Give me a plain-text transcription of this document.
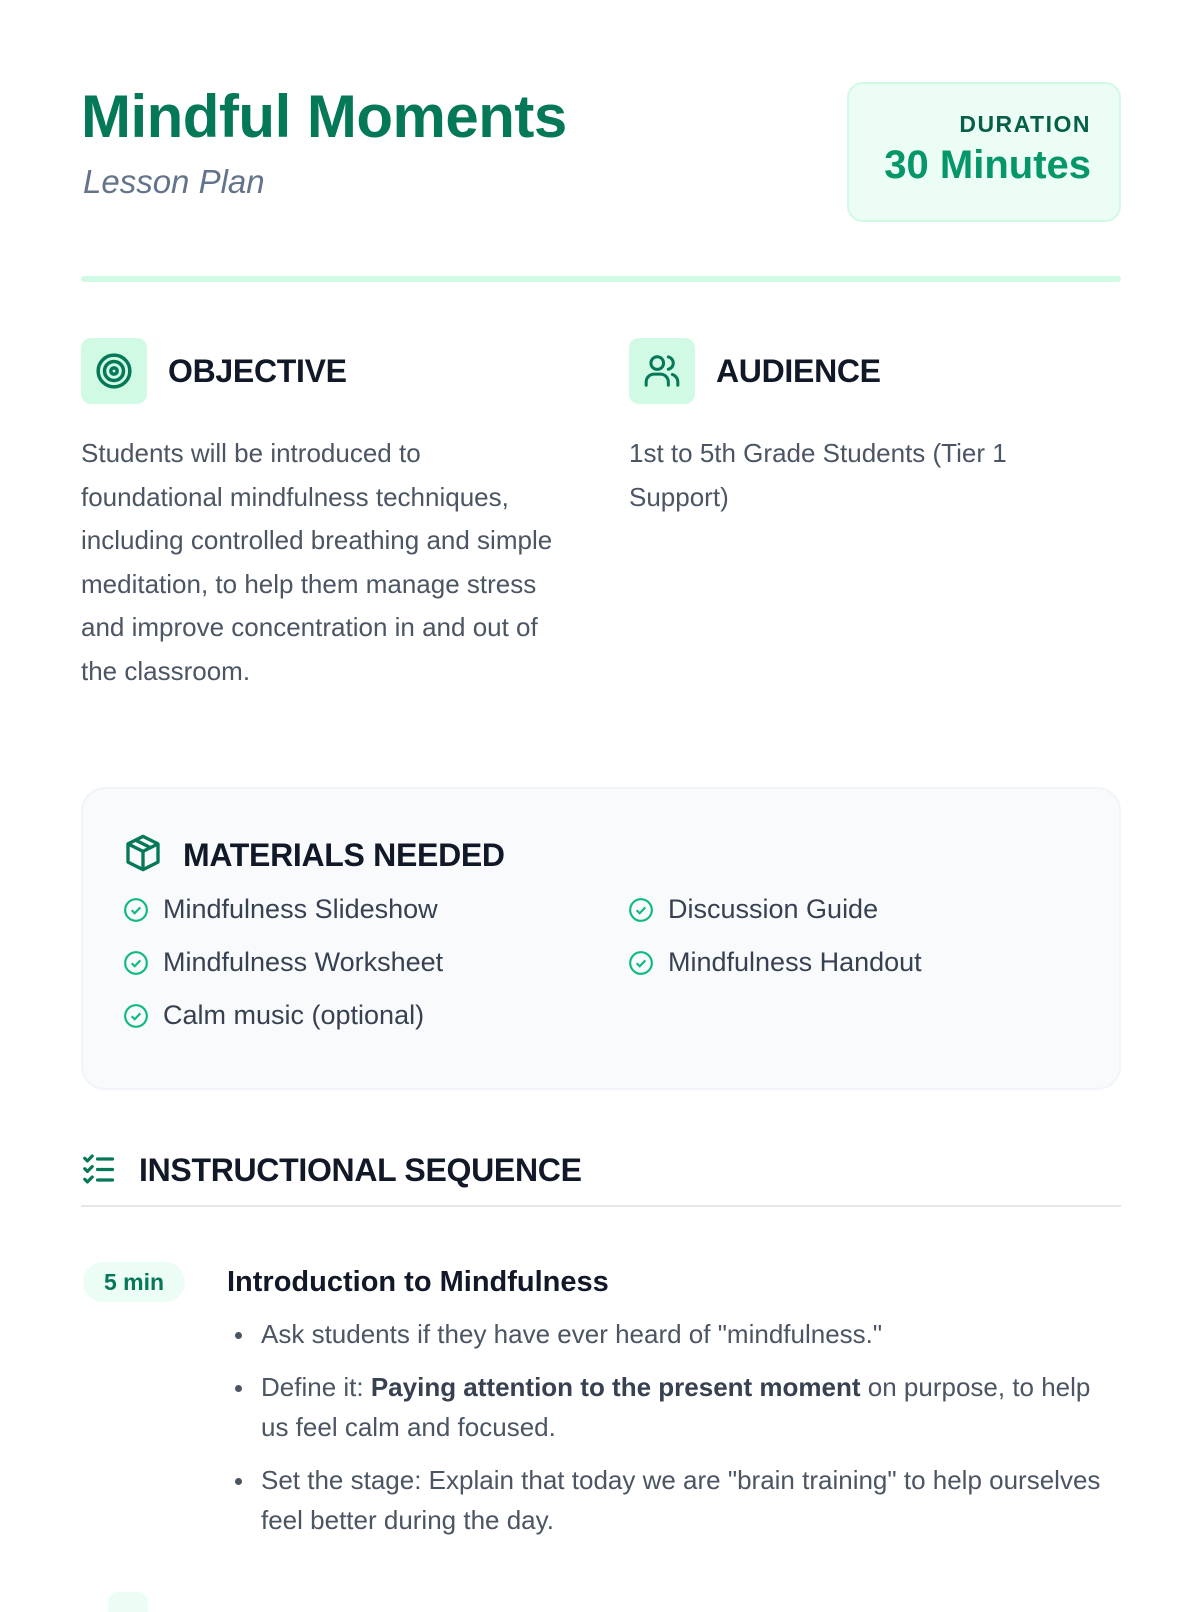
Mindful Moments

Lesson Plan

DURATION
30 Minutes
OBJECTIVE

Students will be introduced to foundational mindfulness techniques, including controlled breathing and simple meditation, to help them manage stress and improve concentration in and out of the classroom.

AUDIENCE

1st to 5th Grade Students (Tier 1 Support)

MATERIALS NEEDED
Mindfulness Slideshow
Mindfulness Worksheet
Calm music (optional)
Discussion Guide
Mindfulness Handout
INSTRUCTIONAL SEQUENCE
5 min	Introduction to Mindfulness
Ask students if they have ever heard of "mindfulness."
Define it: Paying attention to the present moment on purpose, to help us feel calm and focused.
Set the stage: Explain that today we are "brain training" to help ourselves feel better during the day.
